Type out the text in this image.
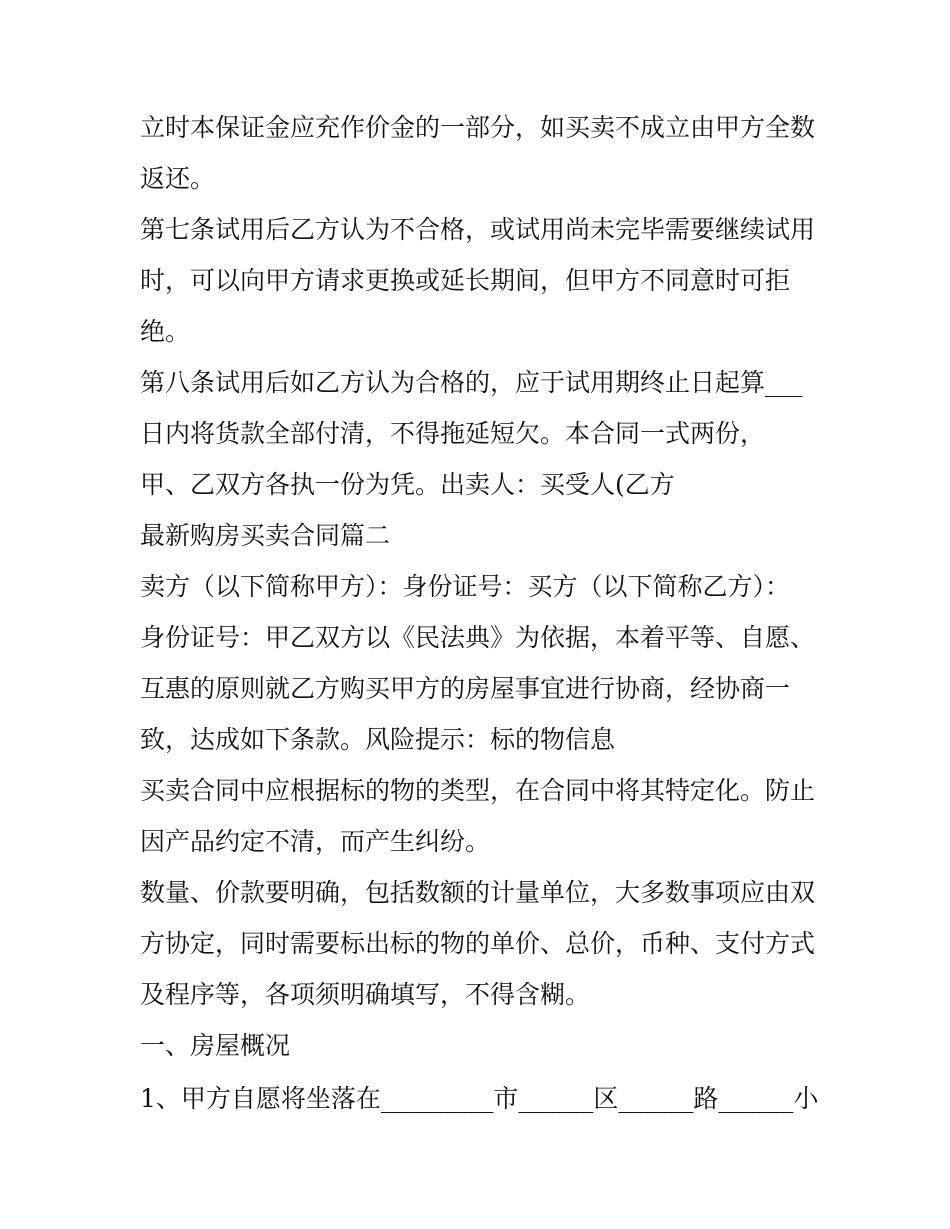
立时本保证金应充作价金的一部分，如买卖不成立由甲方全数
返还。
第七条试用后乙方认为不合格，或试用尚未完毕需要继续试用
时，可以向甲方请求更换或延长期间，但甲方不同意时可拒
绝。
第八条试用后如乙方认为合格的，应于试用期终止日起算___
日内将货款全部付清，不得拖延短欠。本合同一式两份，
甲、乙双方各执一份为凭。出卖人：买受人(乙方
最新购房买卖合同篇二
卖方（以下简称甲方）：身份证号：买方（以下简称乙方）：
身份证号：甲乙双方以《民法典》为依据，本着平等、自愿、
互惠的原则就乙方购买甲方的房屋事宜进行协商，经协商一
致，达成如下条款。风险提示：标的物信息
买卖合同中应根据标的物的类型，在合同中将其特定化。防止
因产品约定不清，而产生纠纷。
数量、价款要明确，包括数额的计量单位，大多数事项应由双
方协定，同时需要标出标的物的单价、总价，币种、支付方式
及程序等，各项须明确填写，不得含糊。
一、房屋概况
1、甲方自愿将坐落在_________市______区______路______小
